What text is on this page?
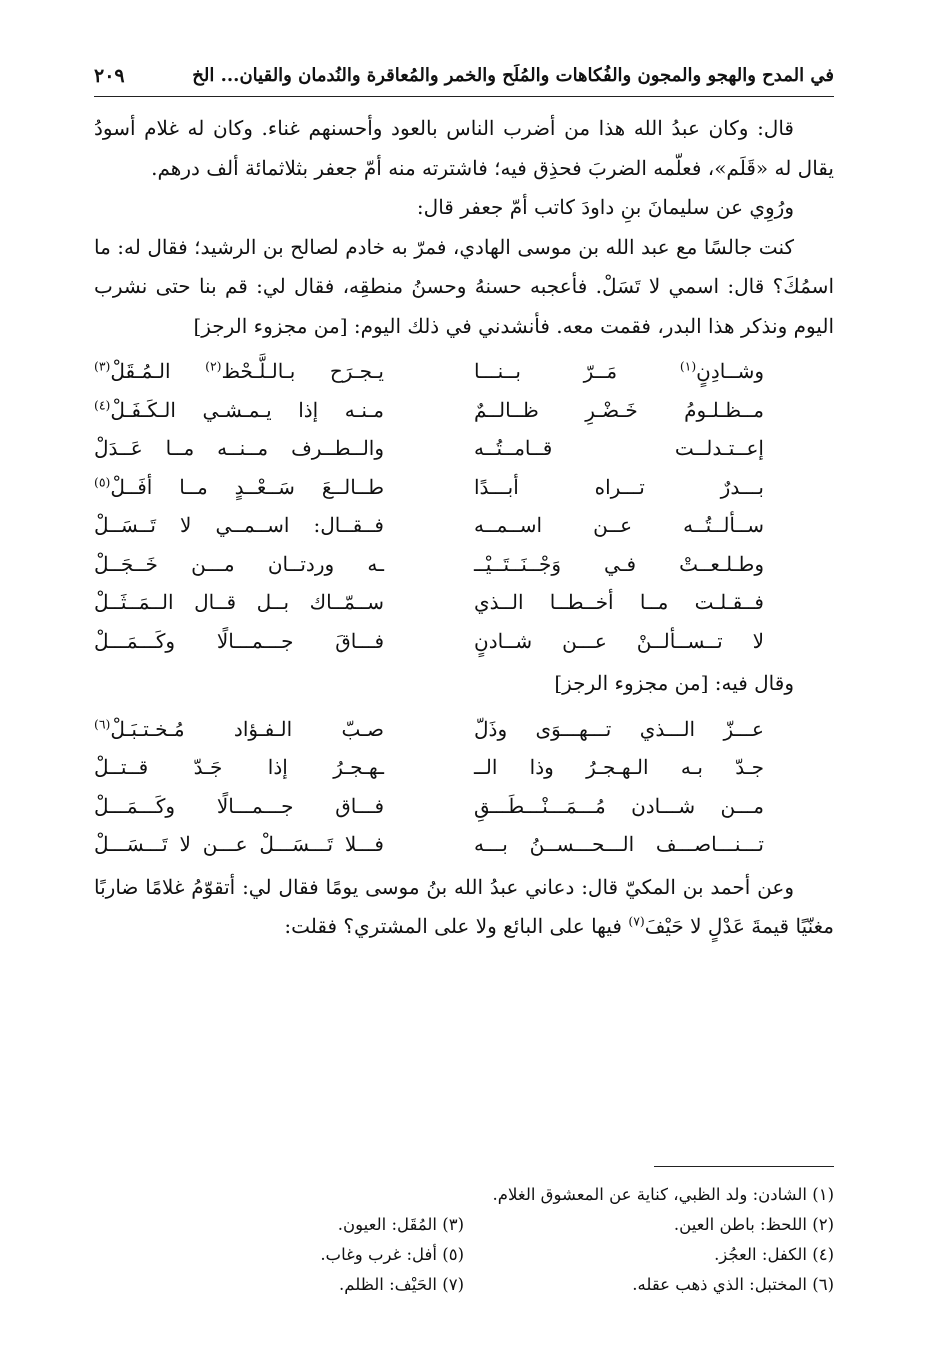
في المدح والهجو والمجون والفُكاهات والمُلَح والخمر والمُعاقرة والنُدمان والقيان... الخ
٢٠٩

قال: وكان عبدُ الله هذا من أضرب الناس بالعود وأحسنهم غناء. وكان له غلام أسودُ يقال له «قَلَم»، فعلّمه الضربَ فحذِق فيه؛ فاشترته منه أمّ جعفر بثلاثمائة ألف درهم.

ورُوِي عن سليمانَ بنِ داودَ كاتب أمّ جعفر قال:

كنت جالسًا مع عبد الله بن موسى الهادي، فمرّ به خادم لصالح بن الرشيد؛ فقال له: ما اسمُكَ؟ قال: اسمي لا تَسَلْ. فأعجبه حسنهُ وحسنُ منطقِه، فقال لي: قم بنا حتى نشرب اليوم ونذكر هذا البدر، فقمت معه. فأنشدني في ذلك اليوم: [من مجزوء الرجز]

وشــادِنٍ$^{(١)}$ مَــرّ بــنـــا
يـجـرَح بـالـلَّـحْظ$^{(٢)}$ الـمُـقَلْ$^{(٣)}$
مــظـلـومُ خَـضْـرِ ظــالــمٌ
مـنـه إذا يـمـشـي الـكَـفَـلْ$^{(٤)}$
إعــتـدلــت قــامــتُــه
والــطــرف مــنــه مــا عَــدَلْ
بـــدرٌ تـــراه أبـــدًا
طــالــعَ سَــعْــدٍ مــا أفَــلْ$^{(٥)}$
ســألــتُــه عــن اســمــه
فــقــال: اســمــي لا تَــسَــلْ
وطـلـعــتْ فـي وَجْــنَــتَــيْــ
ـه وردتــان مـــن خَــجَــلْ
فــقـلـت مــا أخــطــا الــذي
ســمّــاك بــل قــال الــمَــثَــلْ
لا تــســألــنْ عـــن شــادنٍ
فـــاقَ جـــمـــالًا وكَـــمَـــلْ

وقال فيه: [من مجزوء الرجز]

عـــزّ الـــذي تـــهـــوَى وذَلّ
صـبّ الـفـؤاد مُـخـتـبَـلْ$^{(٦)}$
جـدّ بـه الـهـجـرُ وذا الــ
ـهـجـرُ إذا جَـدّ قــتــلْ
مـــن شـــادن مُـــمَـــنْـــطَـــقِ
فـــاق جـــمـــالًا وكَـــمَـــلْ
تـــنـــاصـــف الـــحـــســنُ بـــه
فـــلا تَـــسَـــلْ عـــن لا تَـــسَـــلْ

وعن أحمد بن المكيّ قال: دعاني عبدُ الله بنُ موسى يومًا فقال لي: أتقوّمُ غلامًا ضاربًا مغنّيًا قيمةَ عَدْلٍ لا حَيْفَ$^{(٧)}$ فيها على البائع ولا على المشتري؟ فقلت:

(١) الشادن: ولد الظبي، كناية عن المعشوق الغلام.
(٢) اللحظ: باطن العين.
(٣) المُقَل: العيون.
(٤) الكفل: العجُز.
(٥) أفل: غرب وغاب.
(٦) المختبل: الذي ذهب عقله.
(٧) الحَيْف: الظلم.
